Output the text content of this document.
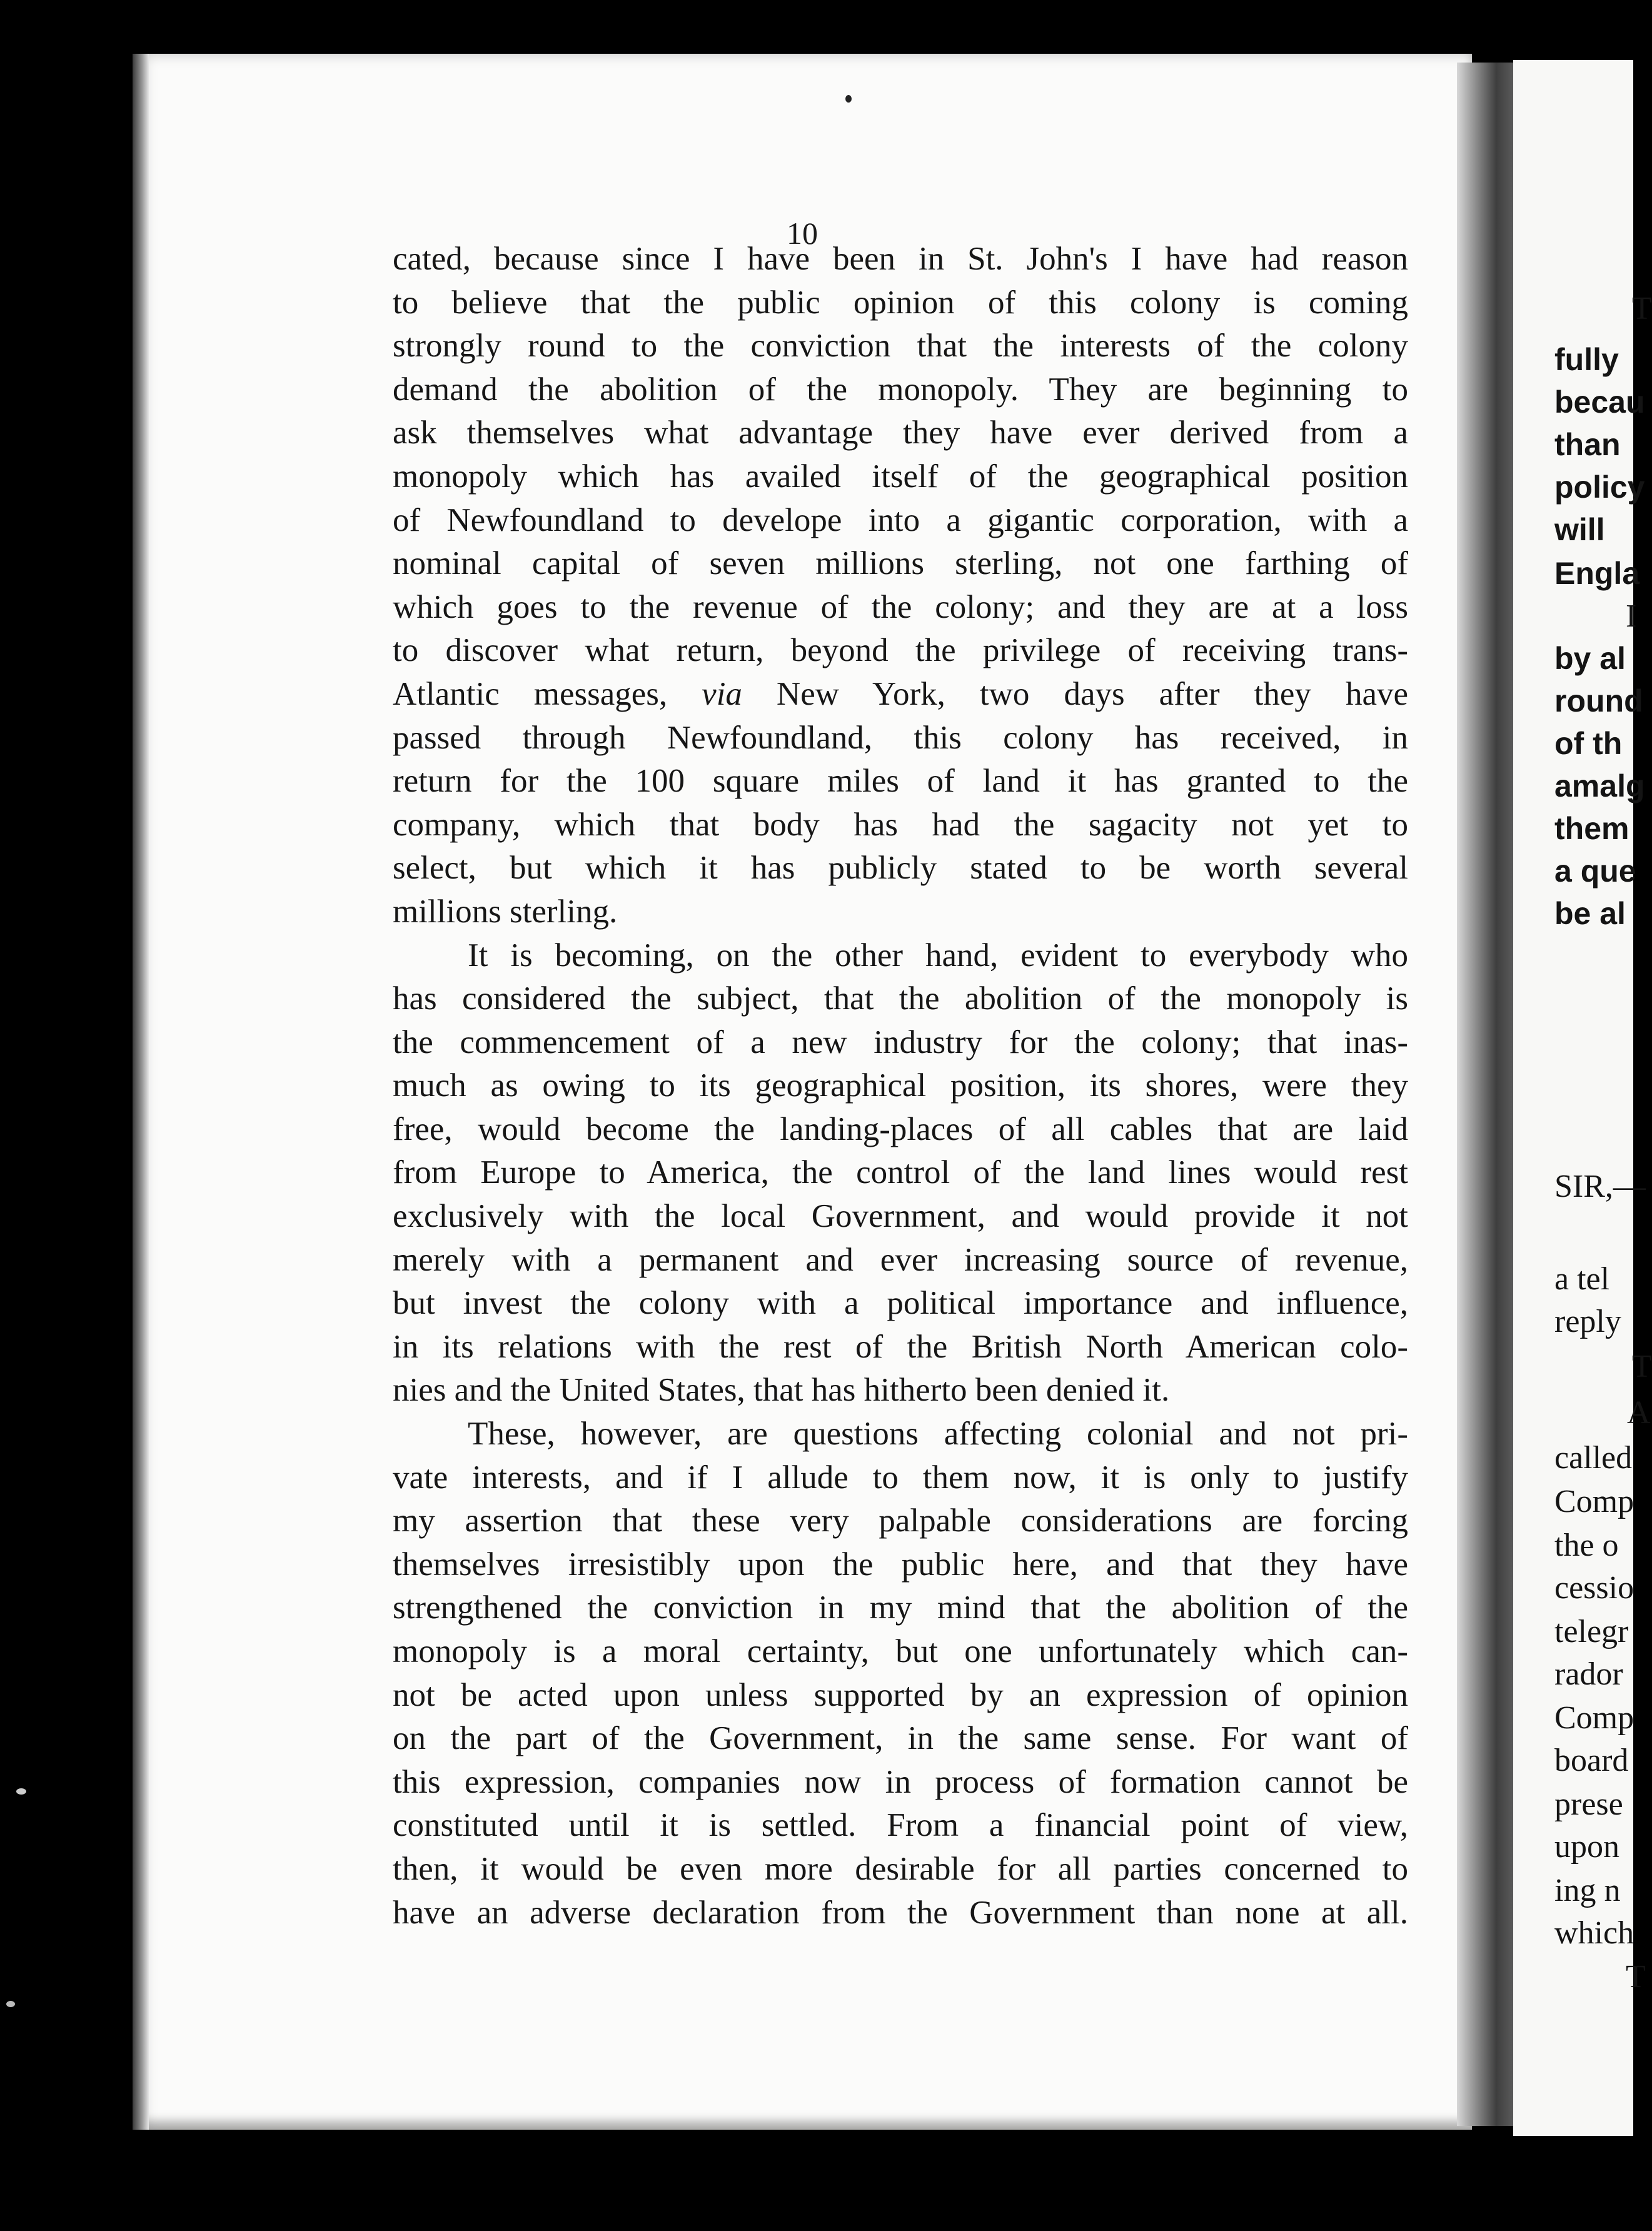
10
cated, because since I have been in St. John's I have had reason
to believe that the public opinion of this colony is coming
strongly round to the conviction that the interests of the colony
demand the abolition of the monopoly. They are beginning to
ask themselves what advantage they have ever derived from a
monopoly which has availed itself of the geographical position
of Newfoundland to develope into a gigantic corporation, with a
nominal capital of seven millions sterling, not one farthing of
which goes to the revenue of the colony; and they are at a loss
to discover what return, beyond the privilege of receiving trans-
Atlantic messages, via New York, two days after they have
passed through Newfoundland, this colony has received, in
return for the 100 square miles of land it has granted to the
company, which that body has had the sagacity not yet to
select, but which it has publicly stated to be worth several
millions sterling.
It is becoming, on the other hand, evident to everybody who
has considered the subject, that the abolition of the monopoly is
the commencement of a new industry for the colony; that inas-
much as owing to its geographical position, its shores, were they
free, would become the landing-places of all cables that are laid
from Europe to America, the control of the land lines would rest
exclusively with the local Government, and would provide it not
merely with a permanent and ever increasing source of revenue,
but invest the colony with a political importance and influence,
in its relations with the rest of the British North American colo-
nies and the United States, that has hitherto been denied it.
These, however, are questions affecting colonial and not pri-
vate interests, and if I allude to them now, it is only to justify
my assertion that these very palpable considerations are forcing
themselves irresistibly upon the public here, and that they have
strengthened the conviction in my mind that the abolition of the
monopoly is a moral certainty, but one unfortunately which can-
not be acted upon unless supported by an expression of opinion
on the part of the Government, in the same sense. For want of
this expression, companies now in process of formation cannot be
constituted until it is settled. From a financial point of view,
then, it would be even more desirable for all parties concerned to
have an adverse declaration from the Government than none at all.
T
fully
becau
than
policy
will
Engla
I
by al
round
of th
amalg
them
a que
be al
SIR,—
a tel
reply
T
A
called
Comp
the o
cessio
telegr
rador
Comp
board
prese
upon
ing n
which
T
